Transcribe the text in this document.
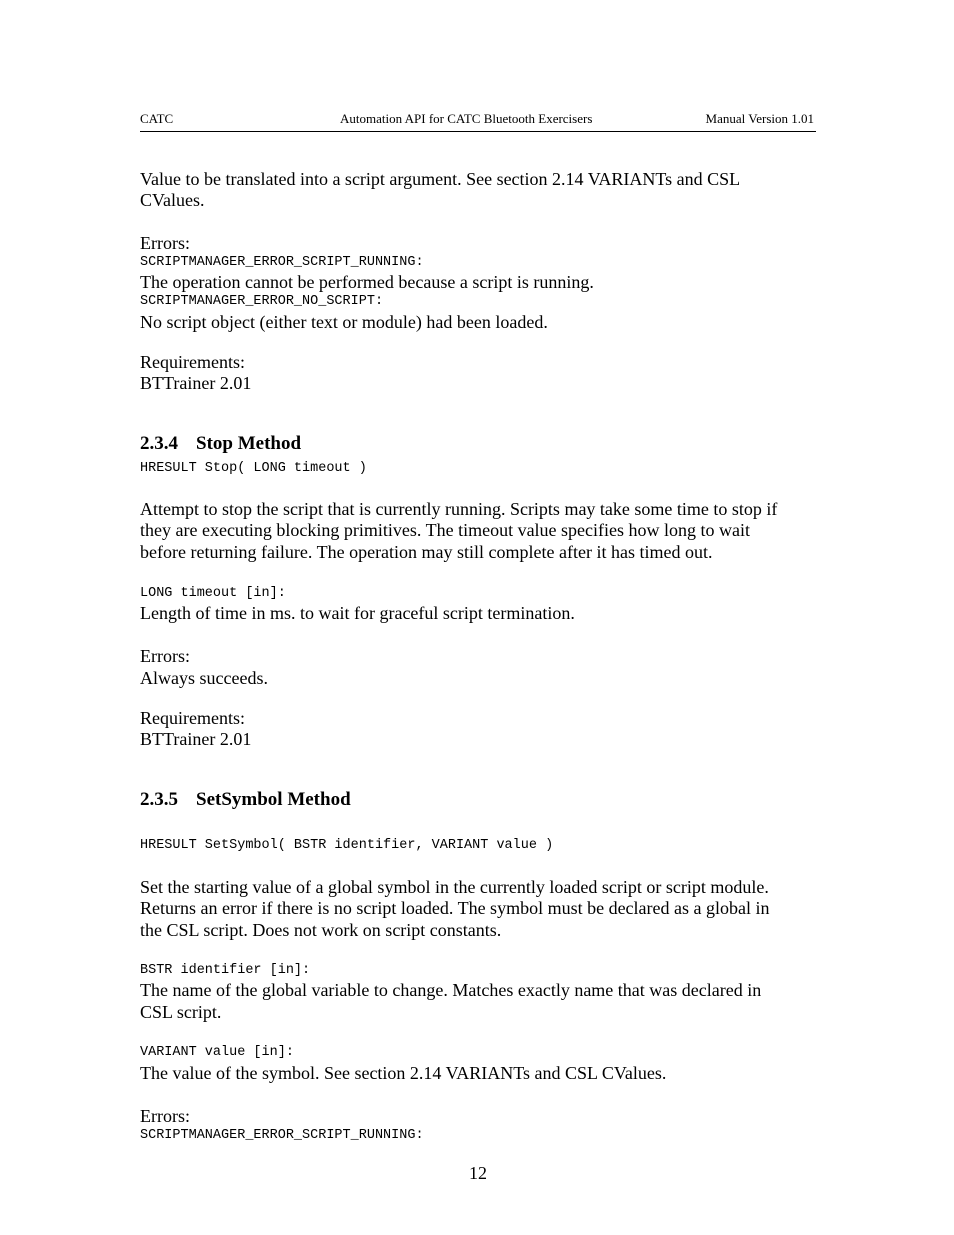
CATC	Automation API for CATC Bluetooth Exercisers	Manual Version 1.01
Value to be translated into a script argument. See section 2.14 VARIANTs and CSL
CValues.
Errors:
SCRIPTMANAGER_ERROR_SCRIPT_RUNNING:
The operation cannot be performed because a script is running.
SCRIPTMANAGER_ERROR_NO_SCRIPT:
No script object (either text or module) had been loaded.
Requirements:
BTTrainer 2.01
2.3.4 Stop Method
HRESULT Stop( LONG timeout )
Attempt to stop the script that is currently running. Scripts may take some time to stop if
they are executing blocking primitives. The timeout value specifies how long to wait
before returning failure. The operation may still complete after it has timed out.
LONG timeout [in]:
Length of time in ms. to wait for graceful script termination.
Errors:
Always succeeds.
Requirements:
BTTrainer 2.01
2.3.5 SetSymbol Method
HRESULT SetSymbol( BSTR identifier, VARIANT value )
Set the starting value of a global symbol in the currently loaded script or script module.
Returns an error if there is no script loaded. The symbol must be declared as a global in
the CSL script. Does not work on script constants.
BSTR identifier [in]:
The name of the global variable to change. Matches exactly name that was declared in
CSL script.
VARIANT value [in]:
The value of the symbol. See section 2.14 VARIANTs and CSL CValues.
Errors:
SCRIPTMANAGER_ERROR_SCRIPT_RUNNING:
12
